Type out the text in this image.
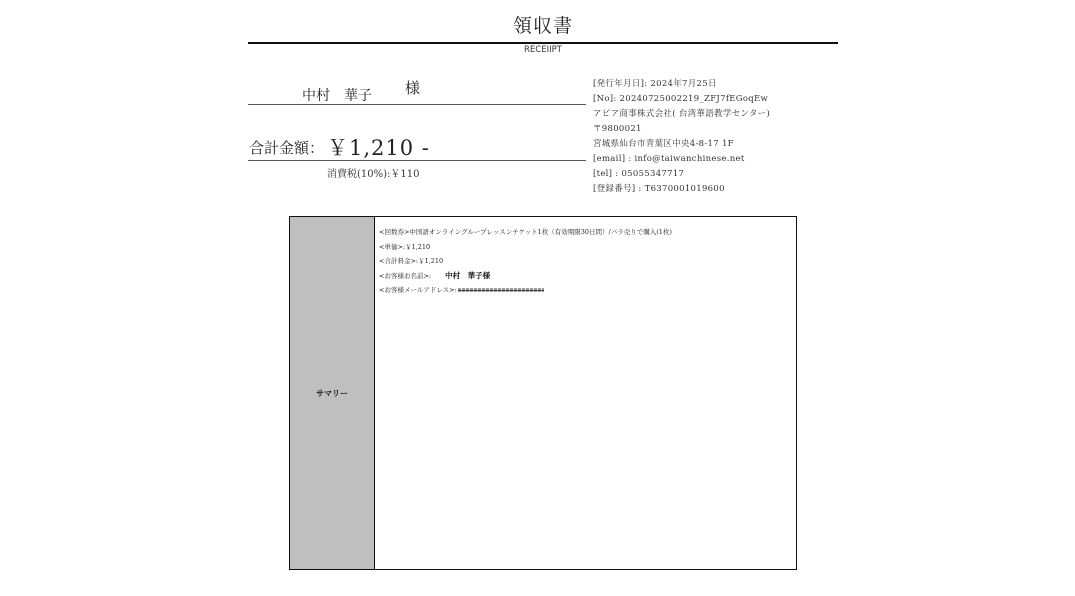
領収書
RECEIIPT
中村　華子 様
合計金額： ￥1,210 -
消費税(10%):￥110
[発行年月日]: 2024年7月25日
[No]: 20240725002219_ZFJ7fEGoqEw
アピア商事株式会社( 台湾華語教学センター)
〒9800021
宮城県仙台市青葉区中央4-8-17 1F
[email] : info@taiwanchinese.net
[tel] : 05055347717
[登録番号] : T6370001019600
サマリー
<回数券>中国語オンライングループレッスンチケット1枚（有効期限30日間）/バラ売りで購入(1枚)
<単価>:￥1,210
<合計料金>:￥1,210
<お客様お名前>: 中村　華子様
<お客様メールアドレス>:
